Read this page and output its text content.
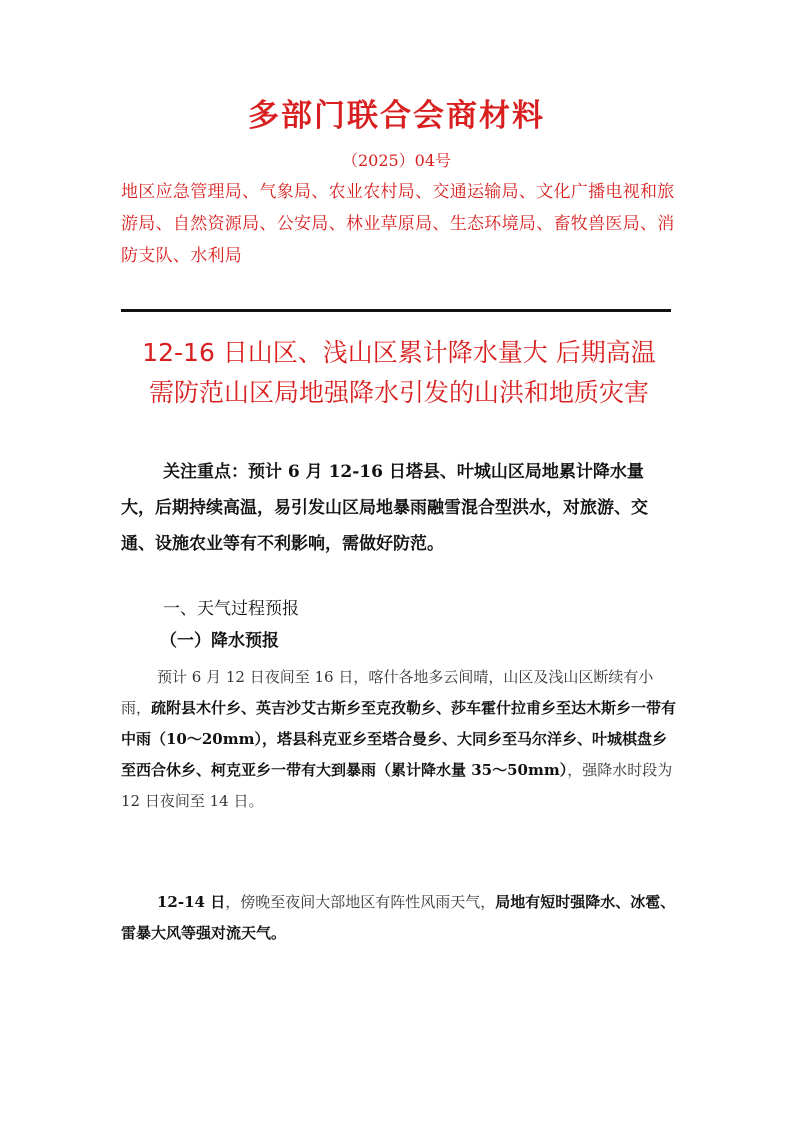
多部门联合会商材料
（2025）04号
地区应急管理局、气象局、农业农村局、交通运输局、文化广播电视和旅游局、自然资源局、公安局、林业草原局、生态环境局、畜牧兽医局、消防支队、水利局
12-16 日山区、浅山区累计降水量大 后期高温
需防范山区局地强降水引发的山洪和地质灾害
关注重点：预计 6 月 12-16 日塔县、叶城山区局地累计降水量大，后期持续高温，易引发山区局地暴雨融雪混合型洪水，对旅游、交通、设施农业等有不利影响，需做好防范。
一、天气过程预报
（一）降水预报
预计 6 月 12 日夜间至 16 日，喀什各地多云间晴，山区及浅山区断续有小雨，疏附县木什乡、英吉沙艾古斯乡至克孜勒乡、莎车霍什拉甫乡至达木斯乡一带有中雨（10～20mm），塔县科克亚乡至塔合曼乡、大同乡至马尔洋乡、叶城棋盘乡至西合休乡、柯克亚乡一带有大到暴雨（累计降水量 35～50mm），强降水时段为 12 日夜间至 14 日。
12-14 日，傍晚至夜间大部地区有阵性风雨天气，局地有短时强降水、冰雹、雷暴大风等强对流天气。
